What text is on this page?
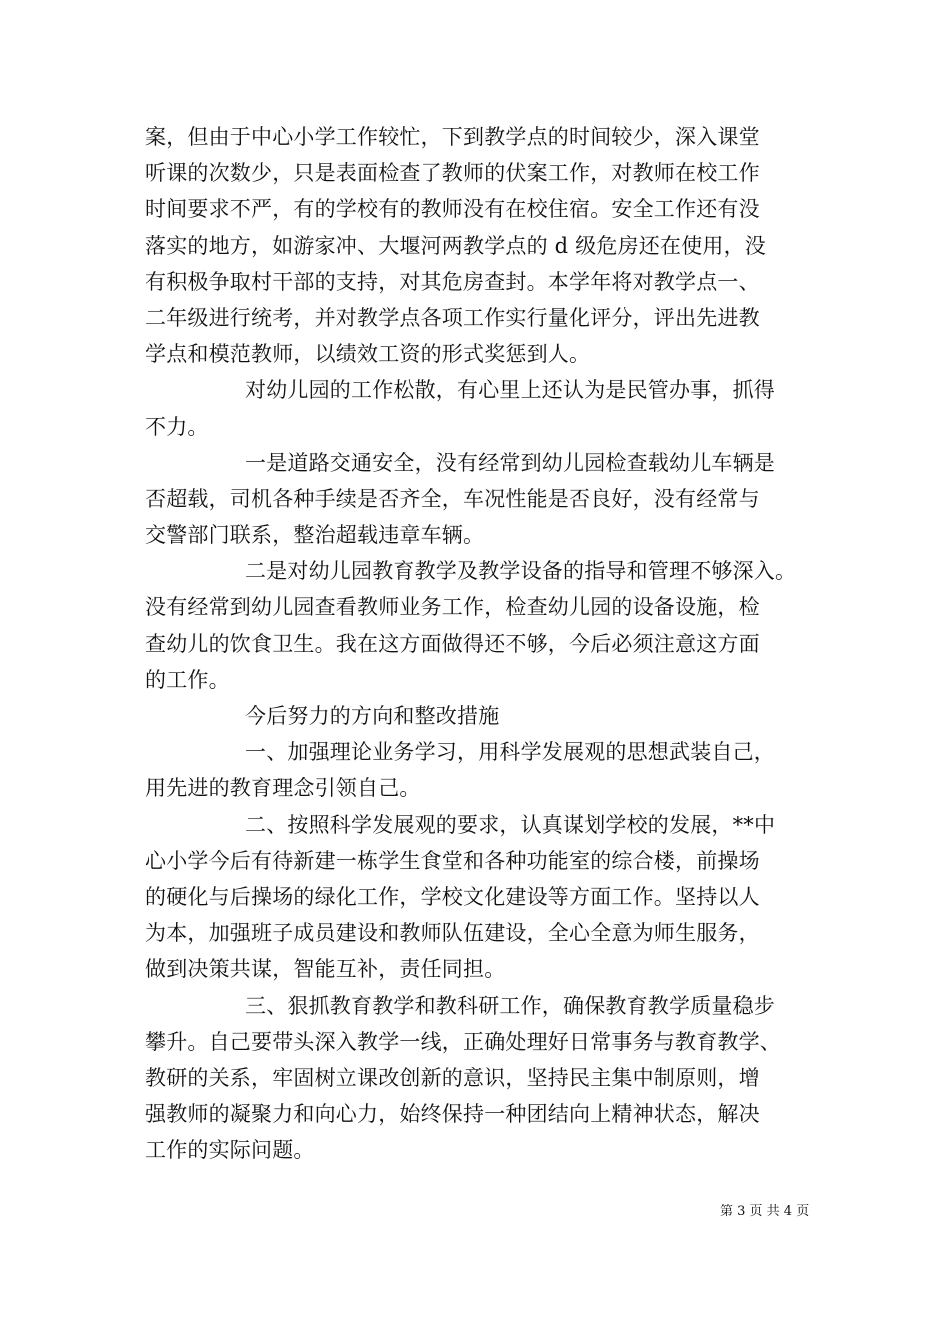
案，但由于中心小学工作较忙，下到教学点的时间较少，深入课堂
听课的次数少，只是表面检查了教师的伏案工作，对教师在校工作
时间要求不严，有的学校有的教师没有在校住宿。安全工作还有没
落实的地方，如游家冲、大堰河两教学点的 d 级危房还在使用，没
有积极争取村干部的支持，对其危房查封。本学年将对教学点一、
二年级进行统考，并对教学点各项工作实行量化评分，评出先进教
学点和模范教师，以绩效工资的形式奖惩到人。
对幼儿园的工作松散，有心里上还认为是民管办事，抓得
不力。
一是道路交通安全，没有经常到幼儿园检查载幼儿车辆是
否超载，司机各种手续是否齐全，车况性能是否良好，没有经常与
交警部门联系，整治超载违章车辆。
二是对幼儿园教育教学及教学设备的指导和管理不够深入。
没有经常到幼儿园查看教师业务工作，检查幼儿园的设备设施，检
查幼儿的饮食卫生。我在这方面做得还不够，今后必须注意这方面
的工作。
今后努力的方向和整改措施
一、加强理论业务学习，用科学发展观的思想武装自己，
用先进的教育理念引领自己。
二、按照科学发展观的要求，认真谋划学校的发展，**中
心小学今后有待新建一栋学生食堂和各种功能室的综合楼，前操场
的硬化与后操场的绿化工作，学校文化建设等方面工作。坚持以人
为本，加强班子成员建设和教师队伍建设，全心全意为师生服务，
做到决策共谋，智能互补，责任同担。
三、狠抓教育教学和教科研工作，确保教育教学质量稳步
攀升。自己要带头深入教学一线，正确处理好日常事务与教育教学、
教研的关系，牢固树立课改创新的意识，坚持民主集中制原则，增
强教师的凝聚力和向心力，始终保持一种团结向上精神状态，解决
工作的实际问题。
第 3 页 共 4 页
